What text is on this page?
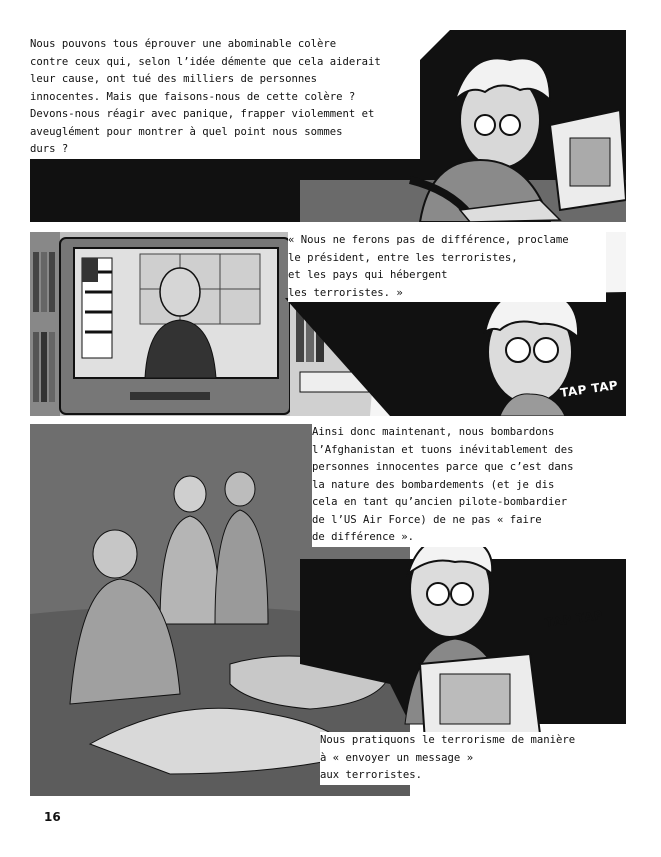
Nous pouvons tous éprouver une abominable colère
contre ceux qui, selon l’idée démente que cela aiderait
leur cause, ont tué des milliers de personnes
innocentes. Mais que faisons-nous de cette colère ?
Devons-nous réagir avec panique, frapper violemment et
aveuglément pour montrer à quel point nous sommes
durs ?
« Nous ne ferons pas de différence, proclame
le président, entre les terroristes,
et les pays qui hébergent
les terroristes. »
TAP TAP
Ainsi donc maintenant, nous bombardons
l’Afghanistan et tuons inévitablement des
personnes innocentes parce que c’est dans
la nature des bombardements (et je dis
cela en tant qu’ancien pilote-bombardier
de l’US Air Force) de ne pas « faire
de différence ».
TAP TAP
Nous pratiquons le terrorisme de manière
à « envoyer un message »
aux terroristes.
16
